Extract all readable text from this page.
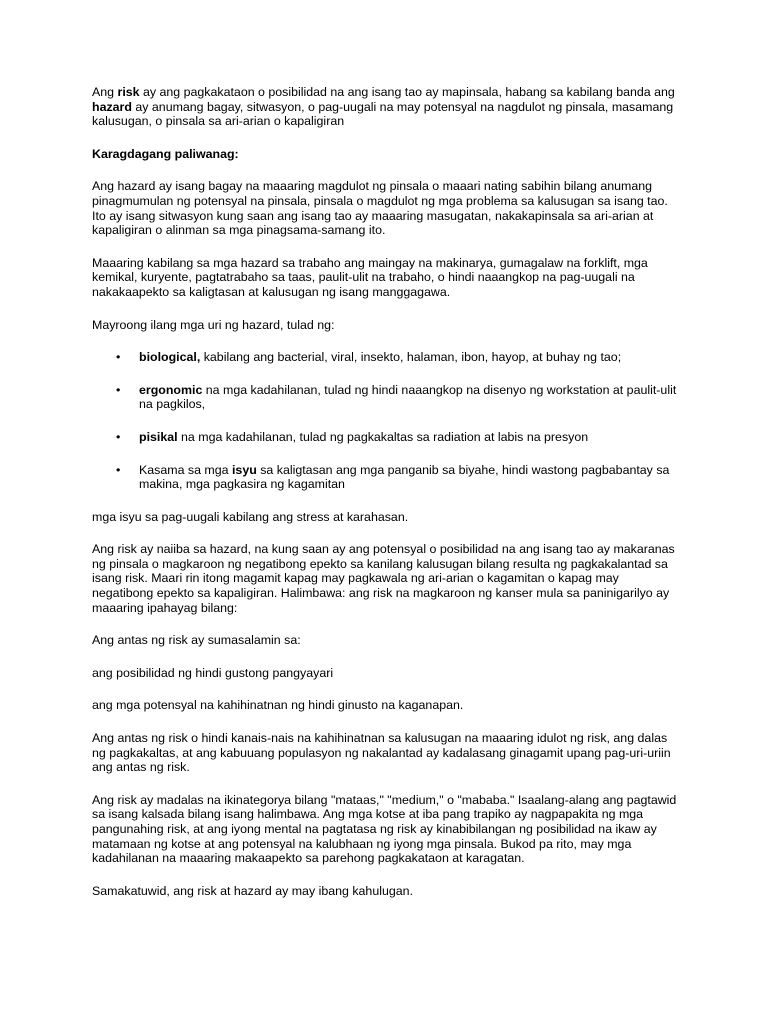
Ang risk ay ang pagkakataon o posibilidad na ang isang tao ay mapinsala, habang sa kabilang banda ang hazard ay anumang bagay, sitwasyon, o pag-uugali na may potensyal na nagdulot ng pinsala, masamang kalusugan, o pinsala sa ari-arian o kapaligiran

Karagdagang paliwanag:

Ang hazard ay isang bagay na maaaring magdulot ng pinsala o maaari nating sabihin bilang anumang pinagmumulan ng potensyal na pinsala, pinsala o magdulot ng mga problema sa kalusugan sa isang tao. Ito ay isang sitwasyon kung saan ang isang tao ay maaaring masugatan, nakakapinsala sa ari-arian at kapaligiran o alinman sa mga pinagsama-samang ito.

Maaaring kabilang sa mga hazard sa trabaho ang maingay na makinarya, gumagalaw na forklift, mga kemikal, kuryente, pagtatrabaho sa taas, paulit-ulit na trabaho, o hindi naaangkop na pag-uugali na nakakaapekto sa kaligtasan at kalusugan ng isang manggagawa.

Mayroong ilang mga uri ng hazard, tulad ng:

• biological, kabilang ang bacterial, viral, insekto, halaman, ibon, hayop, at buhay ng tao;
• ergonomic na mga kadahilanan, tulad ng hindi naaangkop na disenyo ng workstation at paulit-ulit na pagkilos,
• pisikal na mga kadahilanan, tulad ng pagkakaltas sa radiation at labis na presyon
• Kasama sa mga isyu sa kaligtasan ang mga panganib sa biyahe, hindi wastong pagbabantay sa makina, mga pagkasira ng kagamitan

mga isyu sa pag-uugali kabilang ang stress at karahasan.

Ang risk ay naiiba sa hazard, na kung saan ay ang potensyal o posibilidad na ang isang tao ay makaranas ng pinsala o magkaroon ng negatibong epekto sa kanilang kalusugan bilang resulta ng pagkakalantad sa isang risk. Maari rin itong magamit kapag may pagkawala ng ari-arian o kagamitan o kapag may negatibong epekto sa kapaligiran. Halimbawa: ang risk na magkaroon ng kanser mula sa paninigarilyo ay maaaring ipahayag bilang:

Ang antas ng risk ay sumasalamin sa:

ang posibilidad ng hindi gustong pangyayari

ang mga potensyal na kahihinatnan ng hindi ginusto na kaganapan.

Ang antas ng risk o hindi kanais-nais na kahihinatnan sa kalusugan na maaaring idulot ng risk, ang dalas ng pagkakaltas, at ang kabuuang populasyon ng nakalantad ay kadalasang ginagamit upang pag-uri-uriin ang antas ng risk.

Ang risk ay madalas na ikinategorya bilang "mataas," "medium," o "mababa." Isaalang-alang ang pagtawid sa isang kalsada bilang isang halimbawa. Ang mga kotse at iba pang trapiko ay nagpapakita ng mga pangunahing risk, at ang iyong mental na pagtatasa ng risk ay kinabibilangan ng posibilidad na ikaw ay matamaan ng kotse at ang potensyal na kalubhaan ng iyong mga pinsala. Bukod pa rito, may mga kadahilanan na maaaring makaapekto sa parehong pagkakataon at karagatan.

Samakatuwid, ang risk at hazard ay may ibang kahulugan.
